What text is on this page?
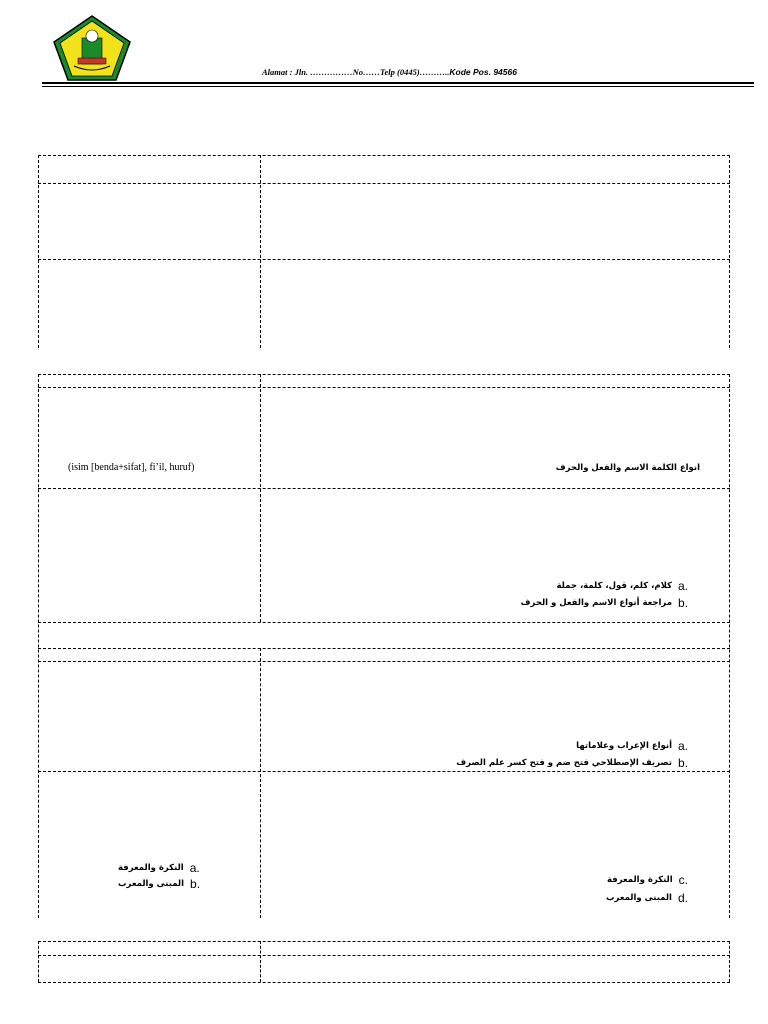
Alamat : Jln. ……………No……Telp (0445)………..Kode Pos. 94566
(isim [benda+sifat], fi’il, huruf)	انواع الكلمة الاسم والفعل والحرف
كلام، كلم، قول، كلمة، جملة a.
مراجعة أنواع الاسم والفعل و الحرف b.
أنواع الإعراب وعلاماتها a.
تصريف الإصطلاحي فتح ضم و فتح كسر علم الصرف b.
النكرة والمعرفة a.
المبنى والمعرب b.	النكرة والمعرفة c.
المبنى والمعرب d.
